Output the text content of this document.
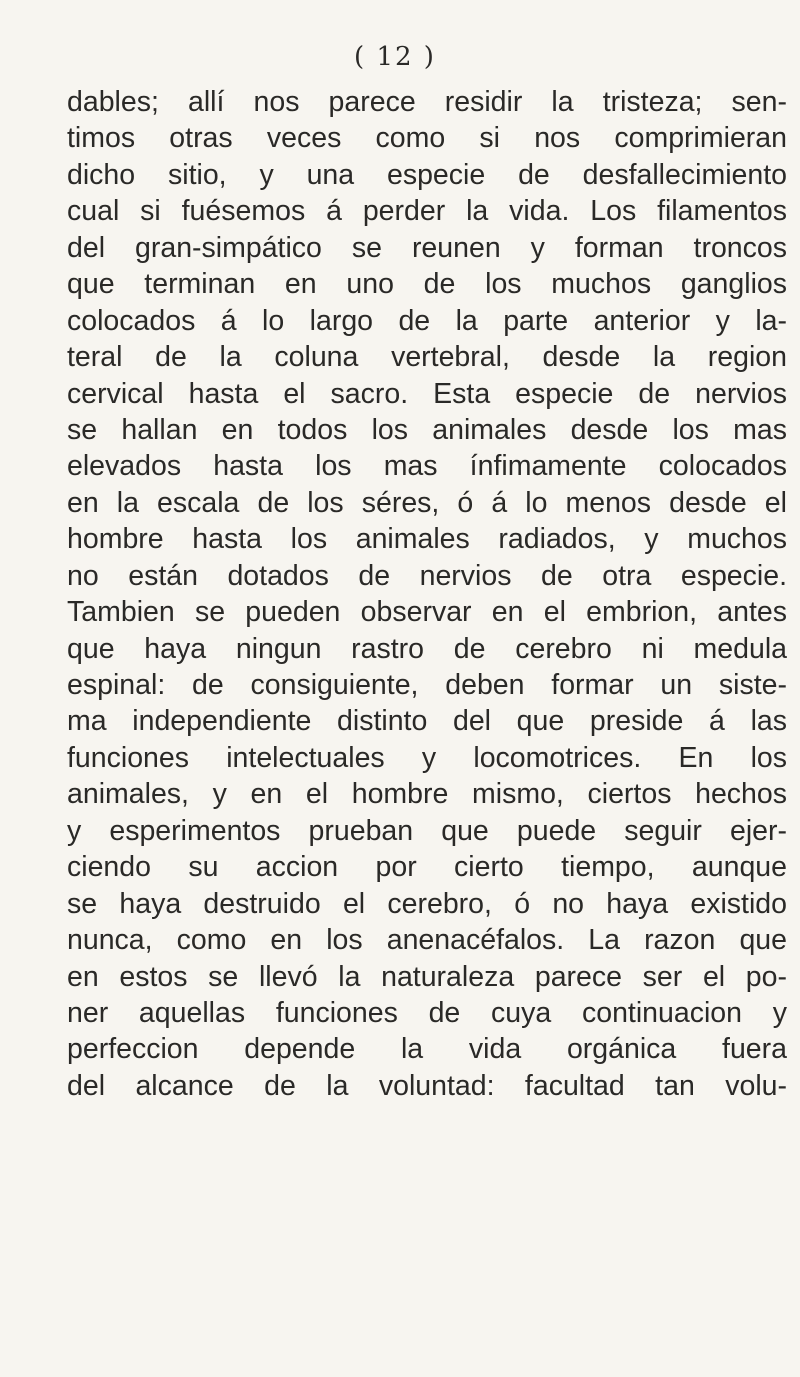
( 12 )
dables; allí nos parece residir la tristeza; sen-
timos otras veces como si nos comprimieran
dicho sitio, y una especie de desfallecimiento
cual si fuésemos á perder la vida. Los filamentos
del gran-simpático se reunen y forman troncos
que terminan en uno de los muchos ganglios
colocados á lo largo de la parte anterior y la-
teral de la coluna vertebral, desde la region
cervical hasta el sacro. Esta especie de nervios
se hallan en todos los animales desde los mas
elevados hasta los mas ínfimamente colocados
en la escala de los séres, ó á lo menos desde el
hombre hasta los animales radiados, y muchos
no están dotados de nervios de otra especie.
Tambien se pueden observar en el embrion, antes
que haya ningun rastro de cerebro ni medula
espinal: de consiguiente, deben formar un siste-
ma independiente distinto del que preside á las
funciones intelectuales y locomotrices. En los
animales, y en el hombre mismo, ciertos hechos
y esperimentos prueban que puede seguir ejer-
ciendo su accion por cierto tiempo, aunque
se haya destruido el cerebro, ó no haya existido
nunca, como en los anenacéfalos. La razon que
en estos se llevó la naturaleza parece ser el po-
ner aquellas funciones de cuya continuacion y
perfeccion depende la vida orgánica fuera
del alcance de la voluntad: facultad tan volu-
